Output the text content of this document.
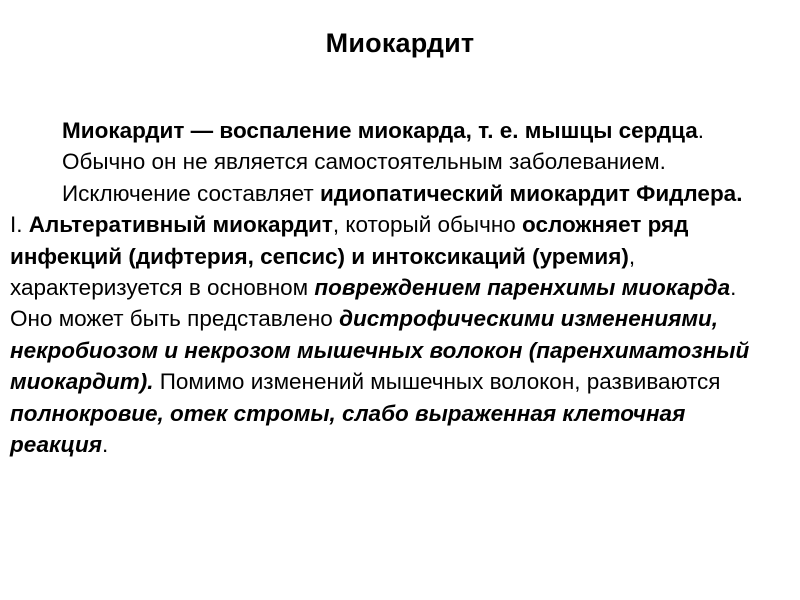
Миокардит

Миокардит — воспаление миокарда, т. е. мышцы сердца. Обычно он не является самостоятельным заболеванием. Исключение составляет идиопатический миокардит Фидлера.

I. Альтеративный миокардит, который обычно осложняет ряд инфекций (дифтерия, сепсис) и интоксикаций (уремия), характеризуется в основном повреждением паренхимы миокарда. Оно может быть представлено дистрофическими изменениями, некробиозом и некрозом мышечных волокон (паренхиматозный миокардит). Помимо изменений мышечных волокон, развиваются полнокровие, отек стромы, слабо выраженная клеточная реакция.
